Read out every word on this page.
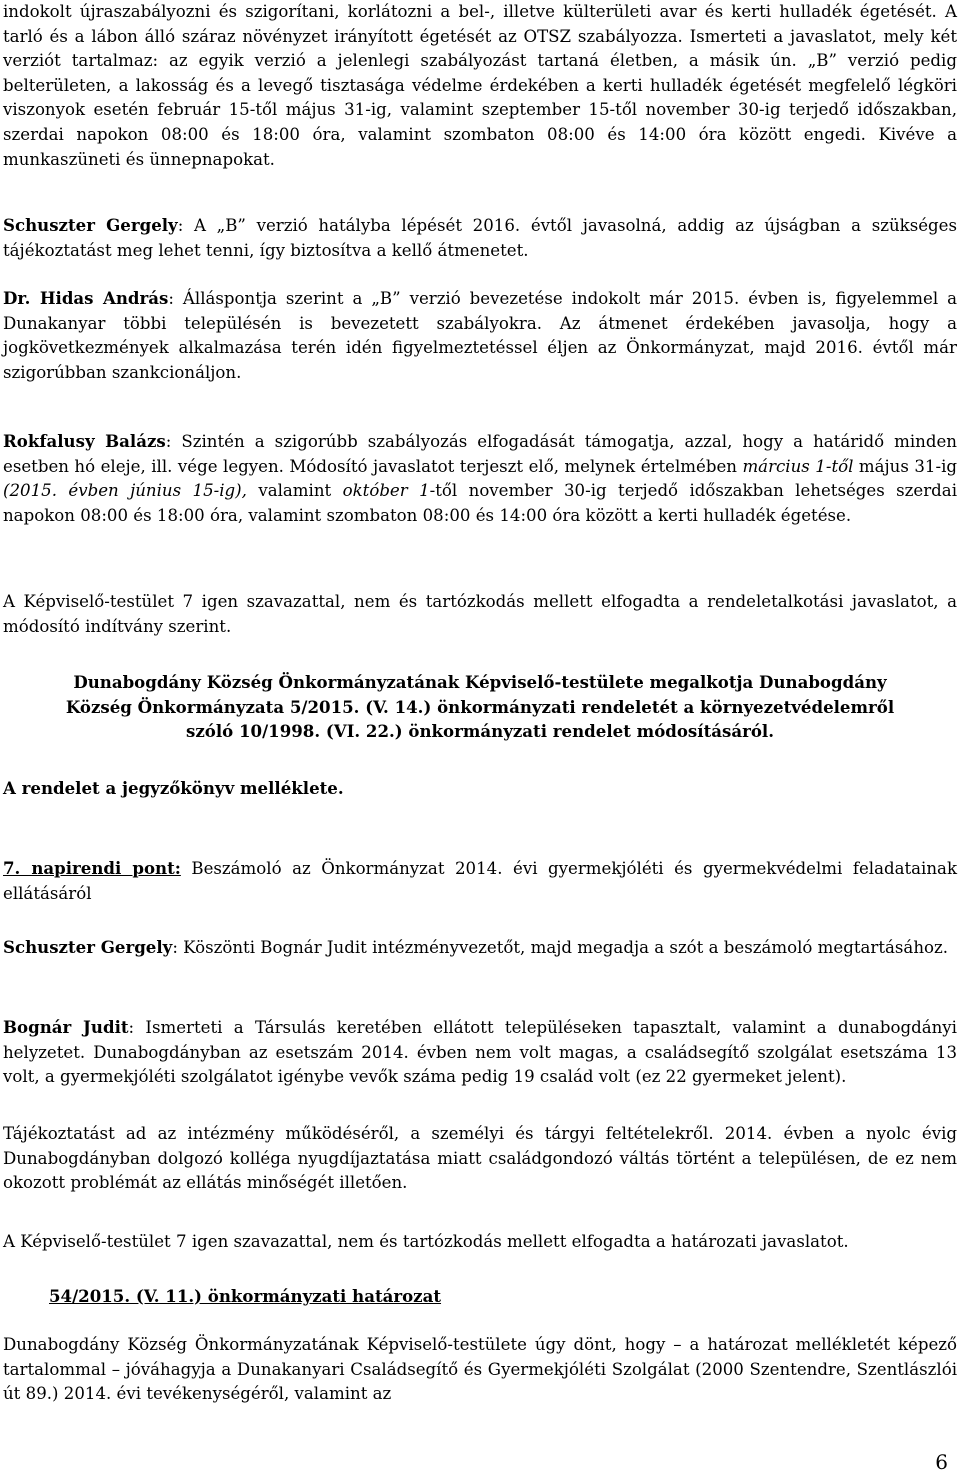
indokolt újraszabályozni és szigorítani, korlátozni a bel-, illetve külterületi avar és kerti hulladék égetését. A tarló és a lábon álló száraz növényzet irányított égetését az OTSZ szabályozza. Ismerteti a javaslatot, mely két verziót tartalmaz: az egyik verzió a jelenlegi szabályozást tartaná életben, a másik ún. „B” verzió pedig belterületen, a lakosság és a levegő tisztasága védelme érdekében a kerti hulladék égetését megfelelő légköri viszonyok esetén február 15-től május 31-ig, valamint szeptember 15-től november 30-ig terjedő időszakban, szerdai napokon 08:00 és 18:00 óra, valamint szombaton 08:00 és 14:00 óra között engedi. Kivéve a munkaszüneti és ünnepnapokat.

Schuszter Gergely: A „B” verzió hatályba lépését 2016. évtől javasolná, addig az újságban a szükséges tájékoztatást meg lehet tenni, így biztosítva a kellő átmenetet.

Dr. Hidas András: Álláspontja szerint a „B” verzió bevezetése indokolt már 2015. évben is, figyelemmel a Dunakanyar többi településén is bevezetett szabályokra. Az átmenet érdekében javasolja, hogy a jogkövetkezmények alkalmazása terén idén figyelmeztetéssel éljen az Önkormányzat, majd 2016. évtől már szigorúbban szankcionáljon.

Rokfalusy Balázs: Szintén a szigorúbb szabályozás elfogadását támogatja, azzal, hogy a határidő minden esetben hó eleje, ill. vége legyen. Módosító javaslatot terjeszt elő, melynek értelmében március 1-től május 31-ig (2015. évben június 15-ig), valamint október 1-től november 30-ig terjedő időszakban lehetséges szerdai napokon 08:00 és 18:00 óra, valamint szombaton 08:00 és 14:00 óra között a kerti hulladék égetése.

A Képviselő-testület 7 igen szavazattal, nem és tartózkodás mellett elfogadta a rendeletalkotási javaslatot, a módosító indítvány szerint.

Dunabogdány Község Önkormányzatának Képviselő-testülete megalkotja Dunabogdány
Község Önkormányzata 5/2015. (V. 14.) önkormányzati rendeletét a környezetvédelemről
szóló 10/1998. (VI. 22.) önkormányzati rendelet módosításáról.

A rendelet a jegyzőkönyv melléklete.

7. napirendi pont: Beszámoló az Önkormányzat 2014. évi gyermekjóléti és gyermekvédelmi feladatainak ellátásáról

Schuszter Gergely: Köszönti Bognár Judit intézményvezetőt, majd megadja a szót a beszámoló megtartásához.

Bognár Judit: Ismerteti a Társulás keretében ellátott településeken tapasztalt, valamint a dunabogdányi helyzetet. Dunabogdányban az esetszám 2014. évben nem volt magas, a családsegítő szolgálat esetszáma 13 volt, a gyermekjóléti szolgálatot igénybe vevők száma pedig 19 család volt (ez 22 gyermeket jelent).

Tájékoztatást ad az intézmény működéséről, a személyi és tárgyi feltételekről. 2014. évben a nyolc évig Dunabogdányban dolgozó kolléga nyugdíjaztatása miatt családgondozó váltás történt a településen, de ez nem okozott problémát az ellátás minőségét illetően.

A Képviselő-testület 7 igen szavazattal, nem és tartózkodás mellett elfogadta a határozati javaslatot.

54/2015. (V. 11.) önkormányzati határozat

Dunabogdány Község Önkormányzatának Képviselő-testülete úgy dönt, hogy – a határozat mellékletét képező tartalommal – jóváhagyja a Dunakanyari Családsegítő és Gyermekjóléti Szolgálat (2000 Szentendre, Szentlászlói út 89.) 2014. évi tevékenységéről, valamint az

6
